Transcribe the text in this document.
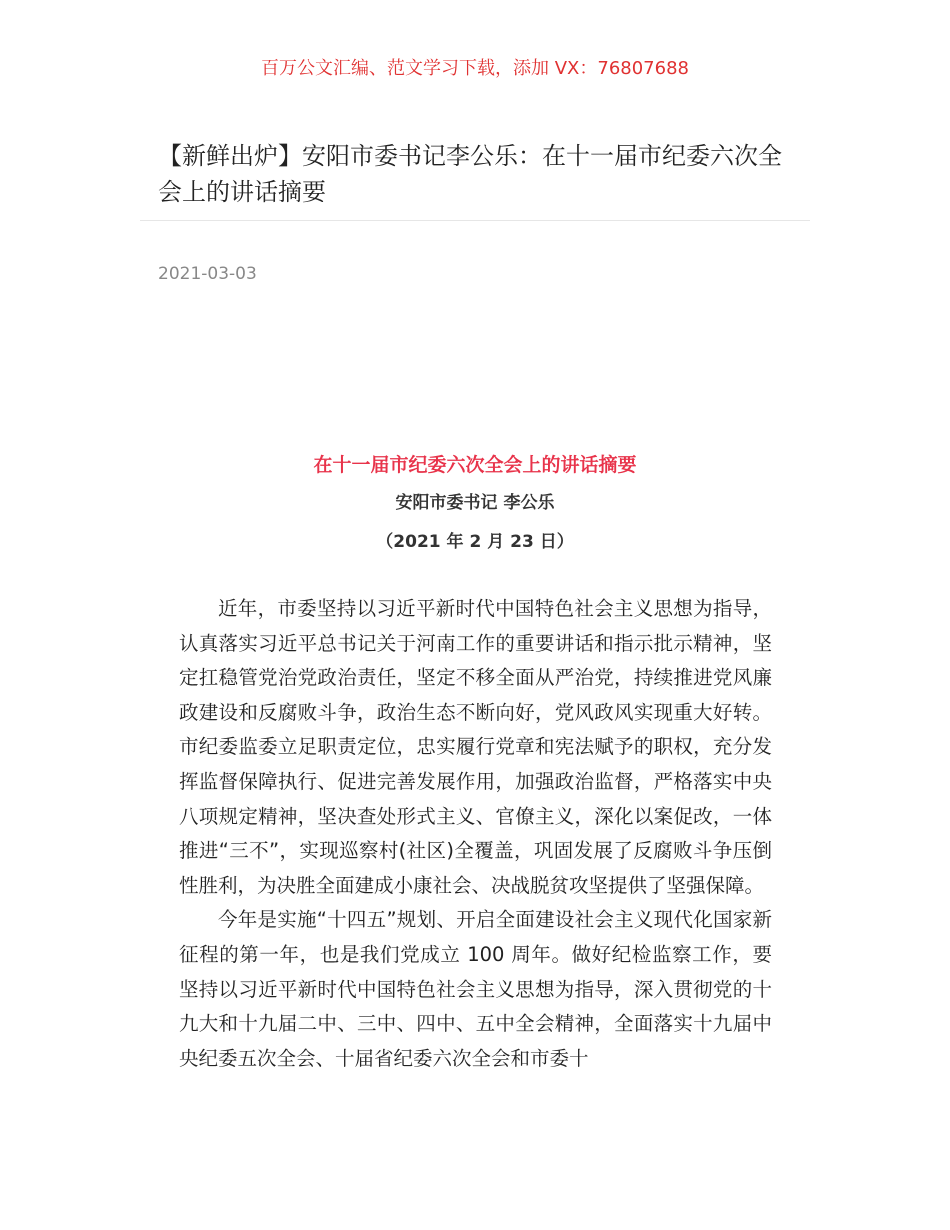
百万公文汇编、范文学习下载，添加 VX：76807688
【新鲜出炉】安阳市委书记李公乐：在十一届市纪委六次全会上的讲话摘要
2021-03-03
在十一届市纪委六次全会上的讲话摘要
安阳市委书记 李公乐
（2021 年 2 月 23 日）

近年，市委坚持以习近平新时代中国特色社会主义思想为指导，认真落实习近平总书记关于河南工作的重要讲话和指示批示精神，坚定扛稳管党治党政治责任，坚定不移全面从严治党，持续推进党风廉政建设和反腐败斗争，政治生态不断向好，党风政风实现重大好转。市纪委监委立足职责定位，忠实履行党章和宪法赋予的职权，充分发挥监督保障执行、促进完善发展作用，加强政治监督，严格落实中央八项规定精神，坚决查处形式主义、官僚主义，深化以案促改，一体推进“三不”，实现巡察村(社区)全覆盖，巩固发展了反腐败斗争压倒性胜利，为决胜全面建成小康社会、决战脱贫攻坚提供了坚强保障。

今年是实施“十四五”规划、开启全面建设社会主义现代化国家新征程的第一年，也是我们党成立 100 周年。做好纪检监察工作，要坚持以习近平新时代中国特色社会主义思想为指导，深入贯彻党的十九大和十九届二中、三中、四中、五中全会精神，全面落实十九届中央纪委五次全会、十届省纪委六次全会和市委十
